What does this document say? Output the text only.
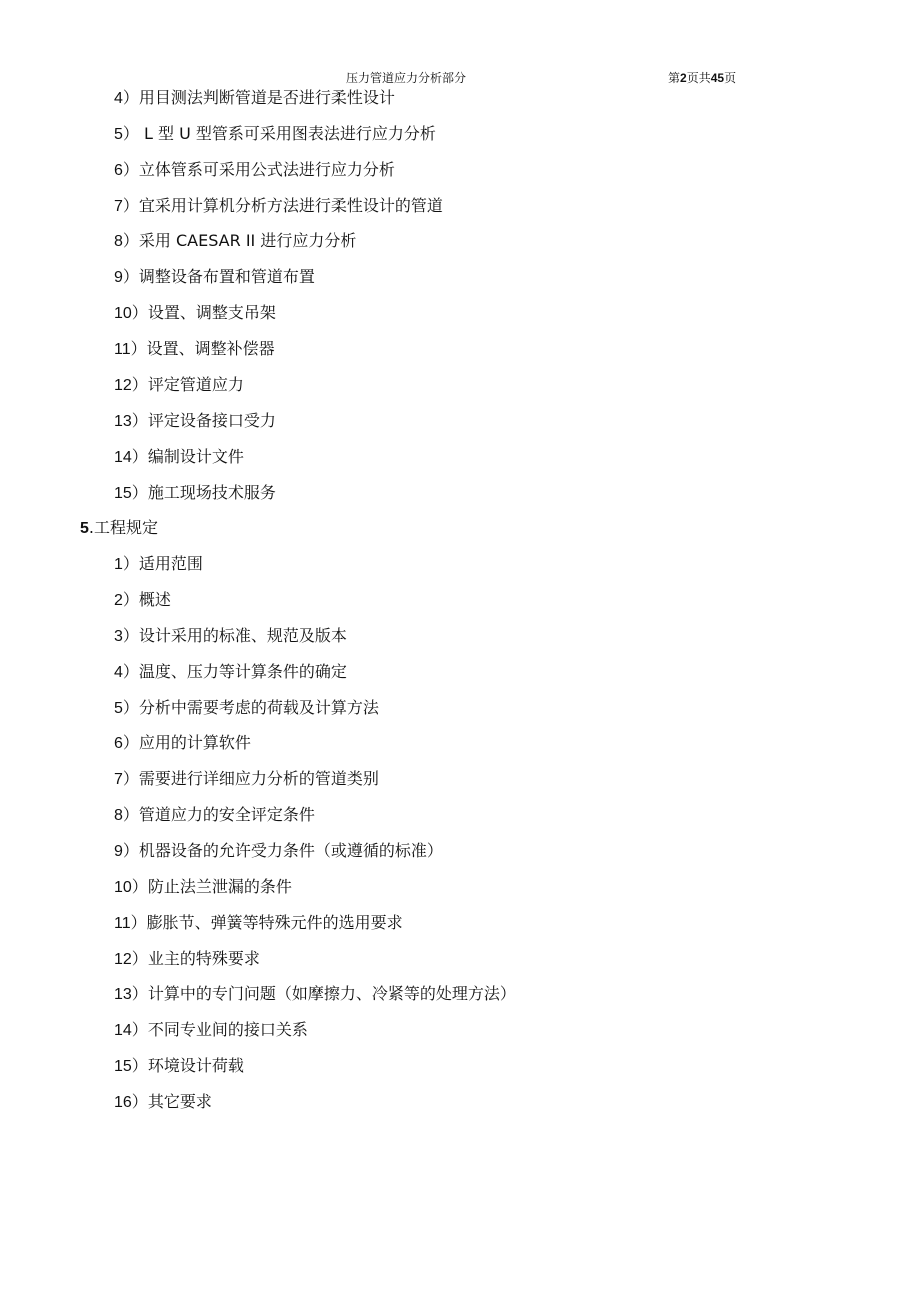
压力管道应力分析部分	第2页共45页
4）用目测法判断管道是否进行柔性设计
5） L 型 U 型管系可采用图表法进行应力分析
6）立体管系可采用公式法进行应力分析
7）宜采用计算机分析方法进行柔性设计的管道
8）采用 CAESAR II 进行应力分析
9）调整设备布置和管道布置
10）设置、调整支吊架
11）设置、调整补偿器
12）评定管道应力
13）评定设备接口受力
14）编制设计文件
15）施工现场技术服务
5.工程规定
1）适用范围
2）概述
3）设计采用的标准、规范及版本
4）温度、压力等计算条件的确定
5）分析中需要考虑的荷载及计算方法
6）应用的计算软件
7）需要进行详细应力分析的管道类别
8）管道应力的安全评定条件
9）机器设备的允许受力条件（或遵循的标准）
10）防止法兰泄漏的条件
11）膨胀节、弹簧等特殊元件的选用要求
12）业主的特殊要求
13）计算中的专门问题（如摩擦力、冷紧等的处理方法）
14）不同专业间的接口关系
15）环境设计荷载
16）其它要求
